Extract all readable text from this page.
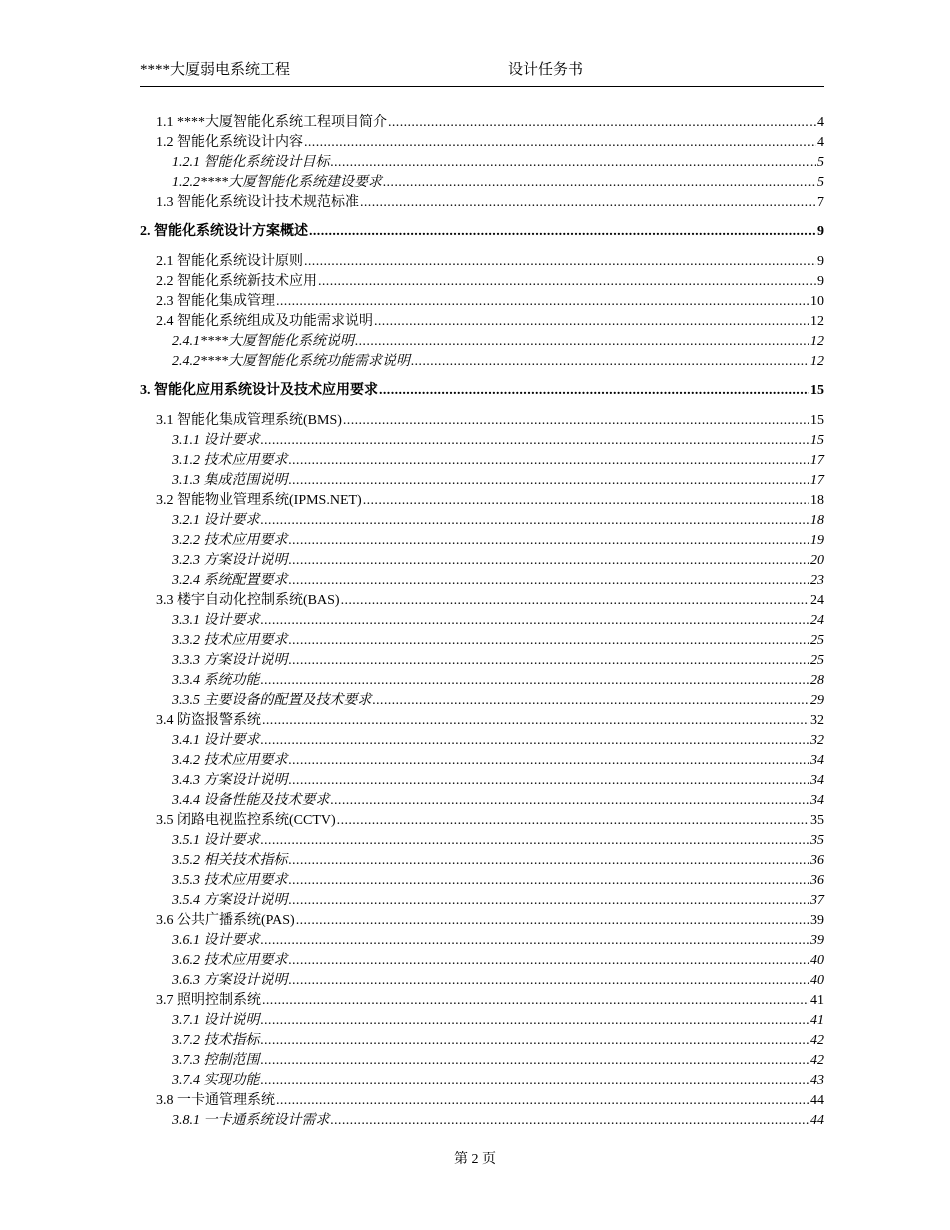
****大厦弱电系统工程	设计任务书
1.1 ****大厦智能化系统工程项目简介 .....	4
1.2 智能化系统设计内容 .....	4
1.2.1 智能化系统设计目标 .....	5
1.2.2****大厦智能化系统建设要求 .....	5
1.3 智能化系统设计技术规范标准 .....	7
2. 智能化系统设计方案概述 .....	9
2.1 智能化系统设计原则 .....	9
2.2 智能化系统新技术应用 .....	9
2.3 智能化集成管理 .....	10
2.4 智能化系统组成及功能需求说明 .....	12
2.4.1****大厦智能化系统说明 .....	12
2.4.2****大厦智能化系统功能需求说明 .....	12
3. 智能化应用系统设计及技术应用要求 .....	15
3.1 智能化集成管理系统(BMS) .....	15
3.1.1 设计要求 .....	15
3.1.2 技术应用要求 .....	17
3.1.3 集成范围说明 .....	17
3.2 智能物业管理系统(IPMS.NET) .....	18
3.2.1 设计要求 .....	18
3.2.2 技术应用要求 .....	19
3.2.3 方案设计说明 .....	20
3.2.4 系统配置要求 .....	23
3.3 楼宇自动化控制系统(BAS) .....	24
3.3.1 设计要求 .....	24
3.3.2 技术应用要求 .....	25
3.3.3 方案设计说明 .....	25
3.3.4 系统功能 .....	28
3.3.5 主要设备的配置及技术要求 .....	29
3.4 防盗报警系统 .....	32
3.4.1 设计要求 .....	32
3.4.2 技术应用要求 .....	34
3.4.3 方案设计说明 .....	34
3.4.4 设备性能及技术要求 .....	34
3.5 闭路电视监控系统(CCTV) .....	35
3.5.1 设计要求 .....	35
3.5.2 相关技术指标 .....	36
3.5.3 技术应用要求 .....	36
3.5.4 方案设计说明 .....	37
3.6 公共广播系统(PAS) .....	39
3.6.1 设计要求 .....	39
3.6.2 技术应用要求 .....	40
3.6.3 方案设计说明 .....	40
3.7 照明控制系统 .....	41
3.7.1 设计说明 .....	41
3.7.2 技术指标 .....	42
3.7.3 控制范围 .....	42
3.7.4 实现功能 .....	43
3.8 一卡通管理系统 .....	44
3.8.1 一卡通系统设计需求 .....	44
第 2 页
